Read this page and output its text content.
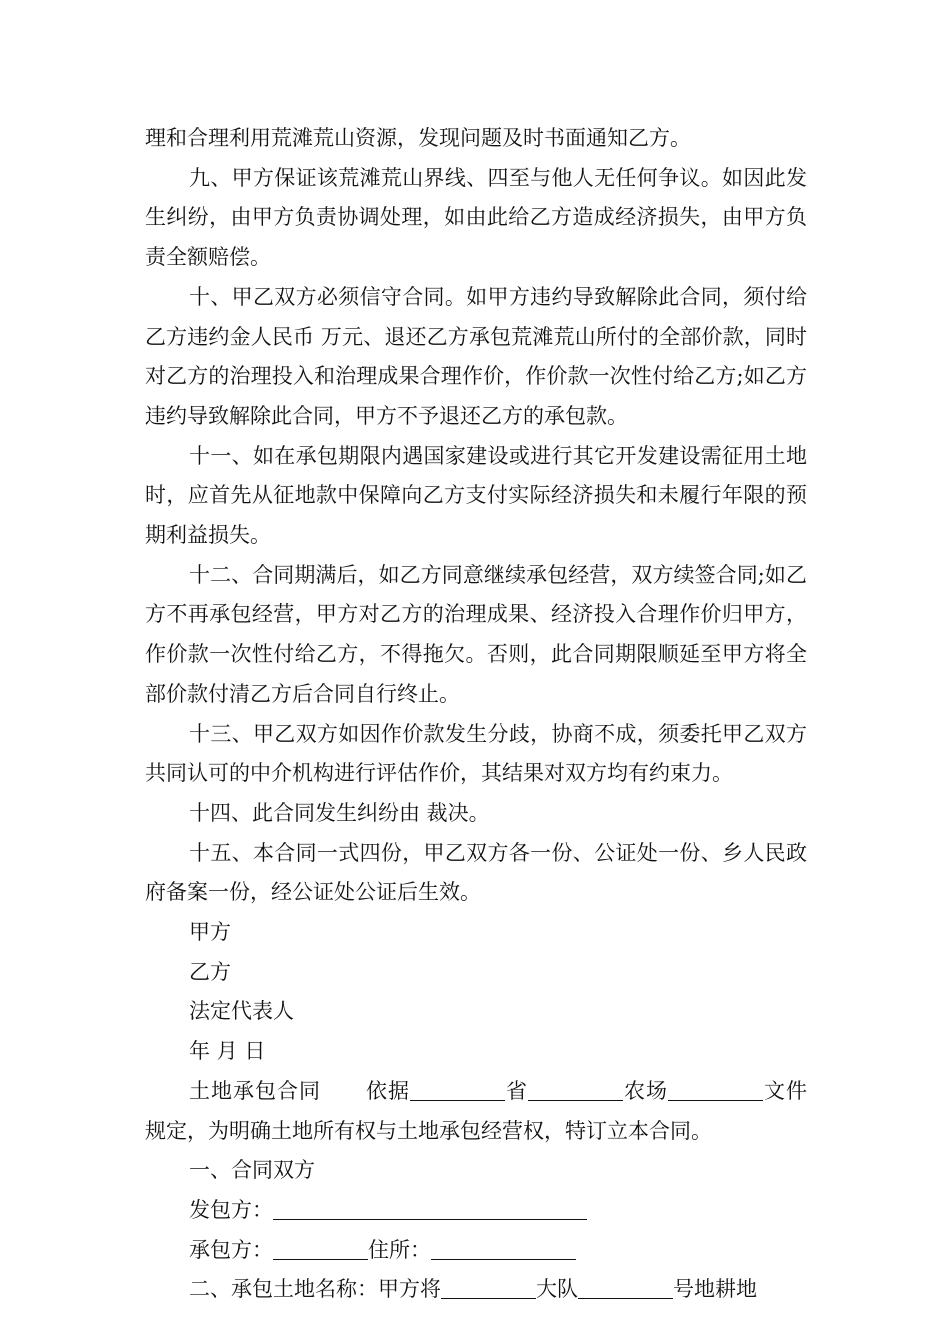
理和合理利用荒滩荒山资源，发现问题及时书面通知乙方。

九、甲方保证该荒滩荒山界线、四至与他人无任何争议。如因此发生纠纷，由甲方负责协调处理，如由此给乙方造成经济损失，由甲方负责全额赔偿。

十、甲乙双方必须信守合同。如甲方违约导致解除此合同，须付给乙方违约金人民币 万元、退还乙方承包荒滩荒山所付的全部价款，同时对乙方的治理投入和治理成果合理作价，作价款一次性付给乙方;如乙方违约导致解除此合同，甲方不予退还乙方的承包款。

十一、如在承包期限内遇国家建设或进行其它开发建设需征用土地时，应首先从征地款中保障向乙方支付实际经济损失和未履行年限的预期利益损失。

十二、合同期满后，如乙方同意继续承包经营，双方续签合同;如乙方不再承包经营，甲方对乙方的治理成果、经济投入合理作价归甲方，作价款一次性付给乙方，不得拖欠。否则，此合同期限顺延至甲方将全部价款付清乙方后合同自行终止。

十三、甲乙双方如因作价款发生分歧，协商不成，须委托甲乙双方共同认可的中介机构进行评估作价，其结果对双方均有约束力。

十四、此合同发生纠纷由 裁决。

十五、本合同一式四份，甲乙双方各一份、公证处一份、乡人民政府备案一份，经公证处公证后生效。

甲方

乙方

法定代表人

年 月 日

土地承包合同 依据	省	农场	文件规定，为明确土地所有权与土地承包经营权，特订立本合同。

一、合同双方

发包方：

承包方：	住所：

二、承包土地名称：甲方将	大队	号地耕地
